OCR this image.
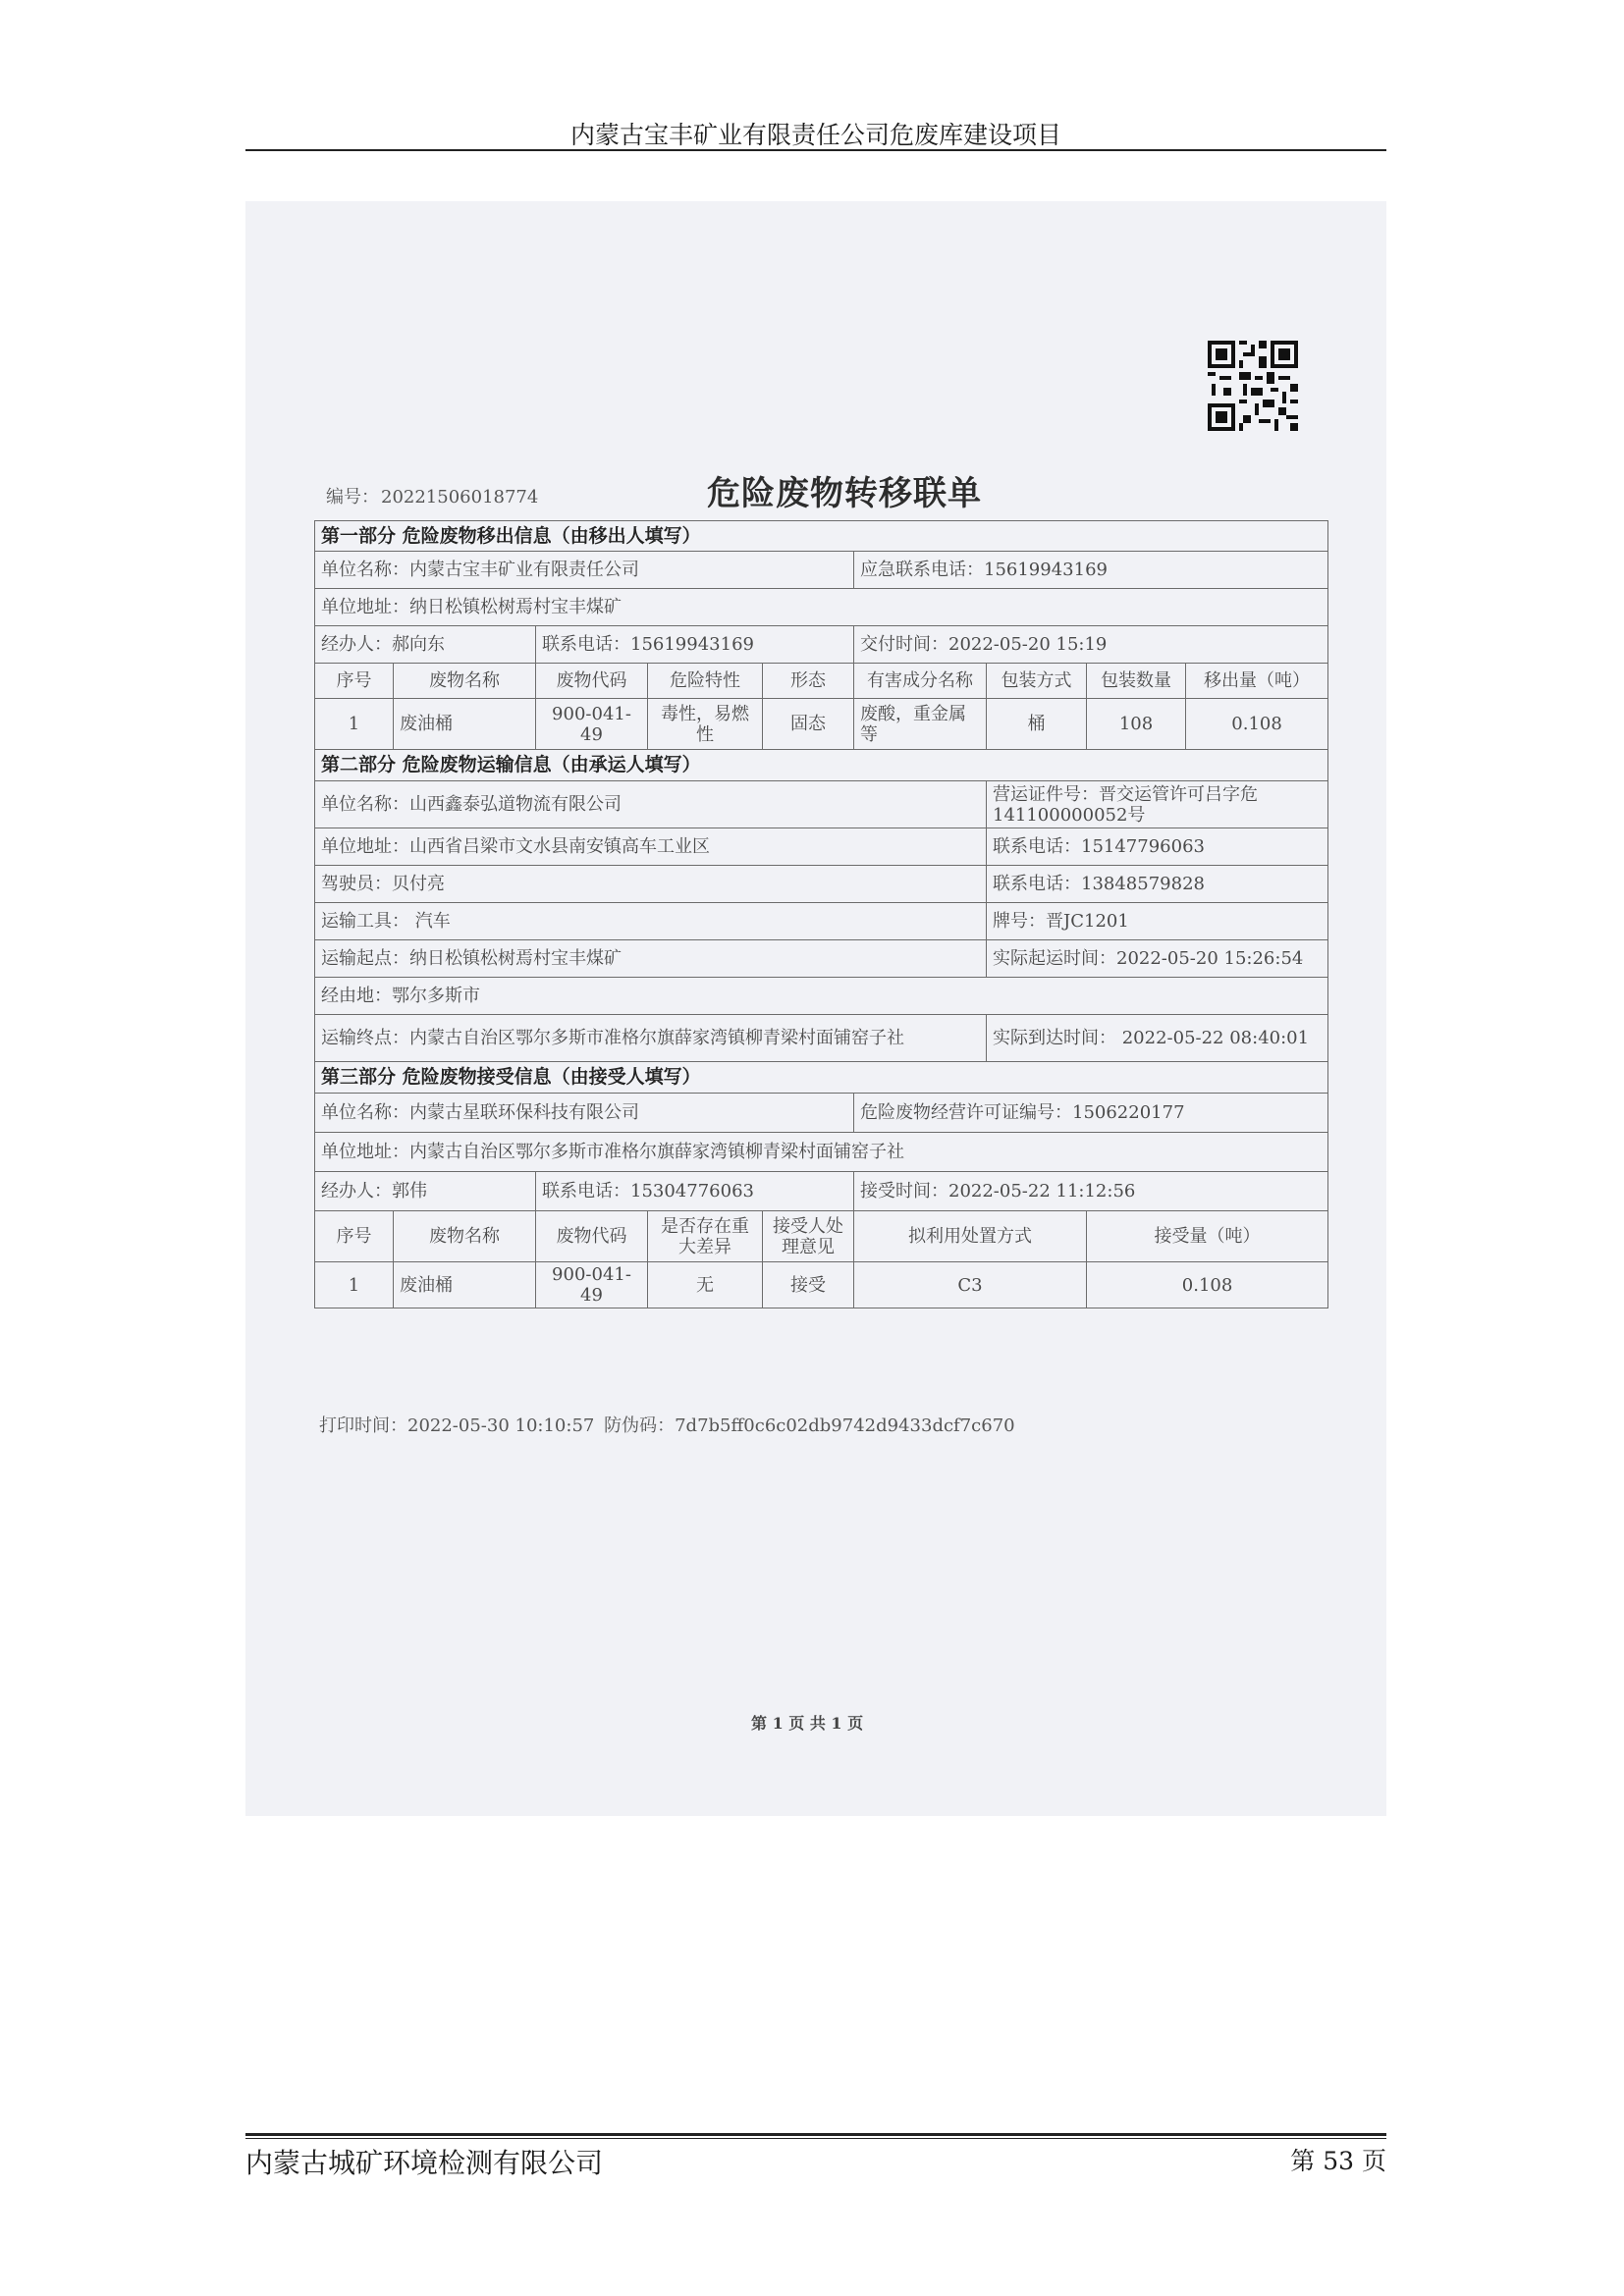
内蒙古宝丰矿业有限责任公司危废库建设项目
编号： 20221506018774	危险废物转移联单
第一部分 危险废物移出信息（由移出人填写）								
单位名称：内蒙古宝丰矿业有限责任公司					应急联系电话：15619943169			
单位地址：纳日松镇松树焉村宝丰煤矿								
经办人：郝向东		联系电话：15619943169			交付时间：2022-05-20 15:19			
序号	废物名称	废物代码	危险特性	形态	有害成分名称	包装方式	包装数量	移出量（吨）
1	废油桶	900-041-49	毒性，易燃性	固态	废酸，重金属等	桶	108	0.108
第二部分 危险废物运输信息（由承运人填写）								
单位名称：山西鑫泰弘道物流有限公司						营运证件号：晋交运管许可吕字危141100000052号		
单位地址：山西省吕梁市文水县南安镇高车工业区						联系电话：15147796063		
驾驶员：贝付亮						联系电话：13848579828		
运输工具： 汽车						牌号：晋JC1201		
运输起点：纳日松镇松树焉村宝丰煤矿						实际起运时间：2022-05-20 15:26:54		
经由地：鄂尔多斯市								
运输终点：内蒙古自治区鄂尔多斯市准格尔旗薛家湾镇柳青梁村面铺窑子社						实际到达时间： 2022-05-22 08:40:01		
第三部分 危险废物接受信息（由接受人填写）								
单位名称：内蒙古星联环保科技有限公司					危险废物经营许可证编号：1506220177			
单位地址：内蒙古自治区鄂尔多斯市准格尔旗薛家湾镇柳青梁村面铺窑子社								
经办人：郭伟		联系电话：15304776063			接受时间：2022-05-22 11:12:56			
序号	废物名称	废物代码	是否存在重大差异	接受人处理意见	拟利用处置方式		接受量（吨）	
1	废油桶	900-041-49	无	接受	C3		0.108	
打印时间：2022-05-30 10:10:57 防伪码：7d7b5ff0c6c02db9742d9433dcf7c670
第 1 页 共 1 页
内蒙古城矿环境检测有限公司	第 53 页
